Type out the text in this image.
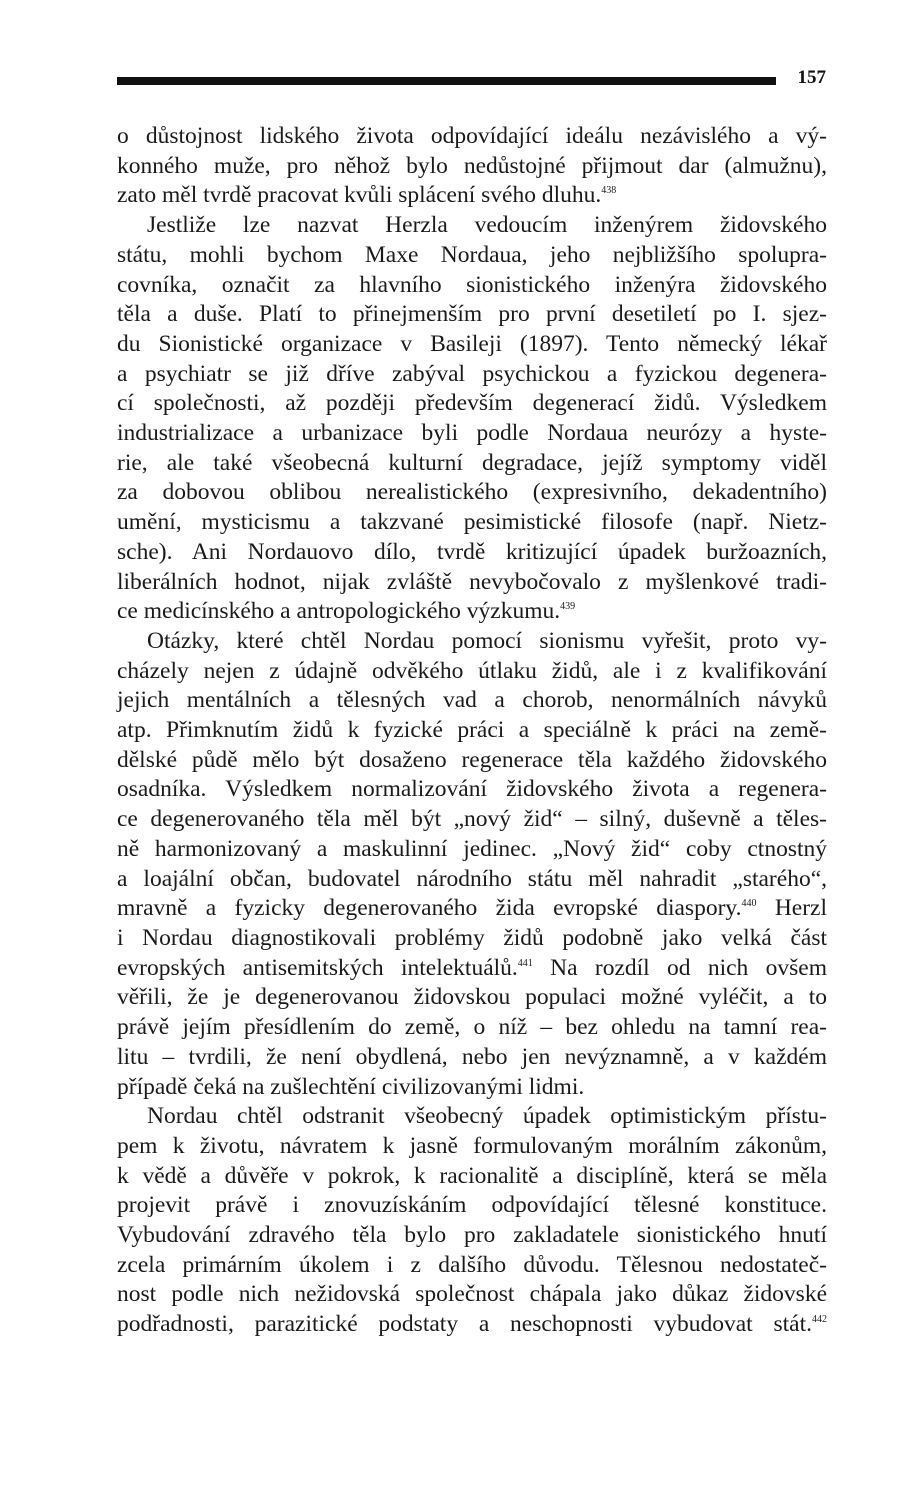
157

o důstojnost lidského života odpovídající ideálu nezávislého a vý-
konného muže, pro něhož bylo nedůstojné přijmout dar (almužnu),
zato měl tvrdě pracovat kvůli splácení svého dluhu.$^{438}$

Jestliže lze nazvat Herzla vedoucím inženýrem židovského
státu, mohli bychom Maxe Nordaua, jeho nejbližšího spolupra-
covníka, označit za hlavního sionistického inženýra židovského
těla a duše. Platí to přinejmenším pro první desetiletí po I. sjez-
du Sionistické organizace v Basileji (1897). Tento německý lékař
a psychiatr se již dříve zabýval psychickou a fyzickou degenera-
cí společnosti, až později především degenerací židů. Výsledkem
industrializace a urbanizace byli podle Nordaua neurózy a hyste-
rie, ale také všeobecná kulturní degradace, jejíž symptomy viděl
za dobovou oblibou nerealistického (expresivního, dekadentního)
umění, mysticismu a takzvané pesimistické filosofe (např. Nietz-
sche). Ani Nordauovo dílo, tvrdě kritizující úpadek buržoazních,
liberálních hodnot, nijak zvláště nevybočovalo z myšlenkové tradi-
ce medicínského a antropologického výzkumu.$^{439}$

Otázky, které chtěl Nordau pomocí sionismu vyřešit, proto vy-
cházely nejen z údajně odvěkého útlaku židů, ale i z kvalifikování
jejich mentálních a tělesných vad a chorob, nenormálních návyků
atp. Přimknutím židů k fyzické práci a speciálně k práci na země-
dělské půdě mělo být dosaženo regenerace těla každého židovského
osadníka. Výsledkem normalizování židovského života a regenera-
ce degenerovaného těla měl být „nový žid“ – silný, duševně a těles-
ně harmonizovaný a maskulinní jedinec. „Nový žid“ coby ctnostný
a loajální občan, budovatel národního státu měl nahradit „starého“,
mravně a fyzicky degenerovaného žida evropské diaspory.$^{440}$ Herzl
i Nordau diagnostikovali problémy židů podobně jako velká část
evropských antisemitských intelektuálů.$^{441}$ Na rozdíl od nich ovšem
věřili, že je degenerovanou židovskou populaci možné vyléčit, a to
právě jejím přesídlením do země, o níž – bez ohledu na tamní rea-
litu – tvrdili, že není obydlená, nebo jen nevýznamně, a v každém
případě čeká na zušlechtění civilizovanými lidmi.

Nordau chtěl odstranit všeobecný úpadek optimistickým přístu-
pem k životu, návratem k jasně formulovaným morálním zákonům,
k vědě a důvěře v pokrok, k racionalitě a disciplíně, která se měla
projevit právě i znovuzískáním odpovídající tělesné konstituce.
Vybudování zdravého těla bylo pro zakladatele sionistického hnutí
zcela primárním úkolem i z dalšího důvodu. Tělesnou nedostateč-
nost podle nich nežidovská společnost chápala jako důkaz židovské
podřadnosti, parazitické podstaty a neschopnosti vybudovat stát.$^{442}$
